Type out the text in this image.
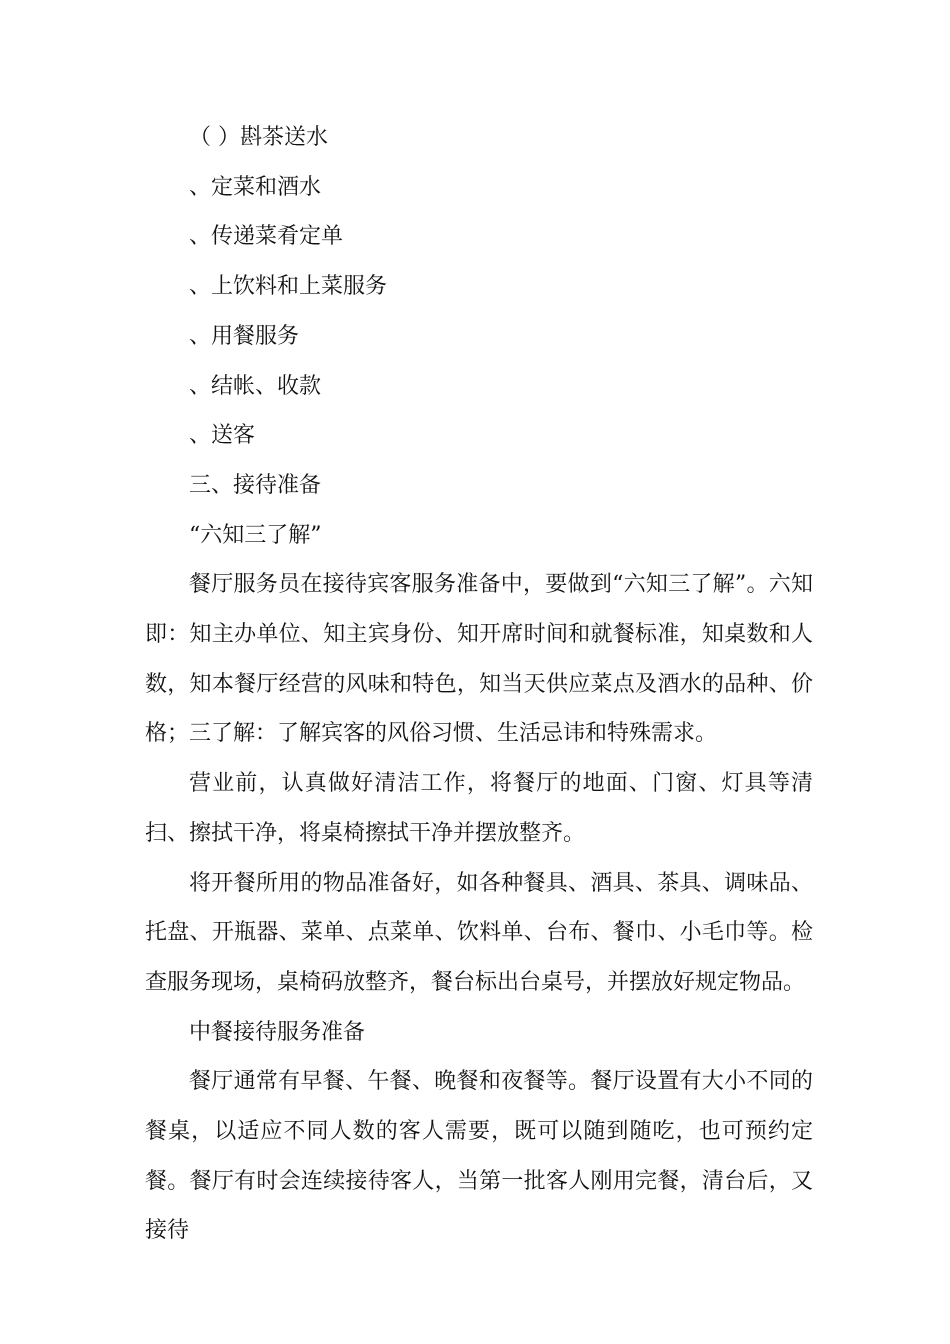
（ ）斟茶送水

、定菜和酒水

、传递菜肴定单

、上饮料和上菜服务

、用餐服务

、结帐、收款

、送客

三、接待准备

“六知三了解”

餐厅服务员在接待宾客服务准备中，要做到“六知三了解”。六知即：知主办单位、知主宾身份、知开席时间和就餐标准，知桌数和人数，知本餐厅经营的风味和特色，知当天供应菜点及酒水的品种、价格；三了解：了解宾客的风俗习惯、生活忌讳和特殊需求。

营业前，认真做好清洁工作，将餐厅的地面、门窗、灯具等清扫、擦拭干净，将桌椅擦拭干净并摆放整齐。

将开餐所用的物品准备好，如各种餐具、酒具、茶具、调味品、托盘、开瓶器、菜单、点菜单、饮料单、台布、餐巾、小毛巾等。检查服务现场，桌椅码放整齐，餐台标出台桌号，并摆放好规定物品。

中餐接待服务准备

餐厅通常有早餐、午餐、晚餐和夜餐等。餐厅设置有大小不同的餐桌，以适应不同人数的客人需要，既可以随到随吃，也可预约定餐。餐厅有时会连续接待客人，当第一批客人刚用完餐，清台后，又接待
